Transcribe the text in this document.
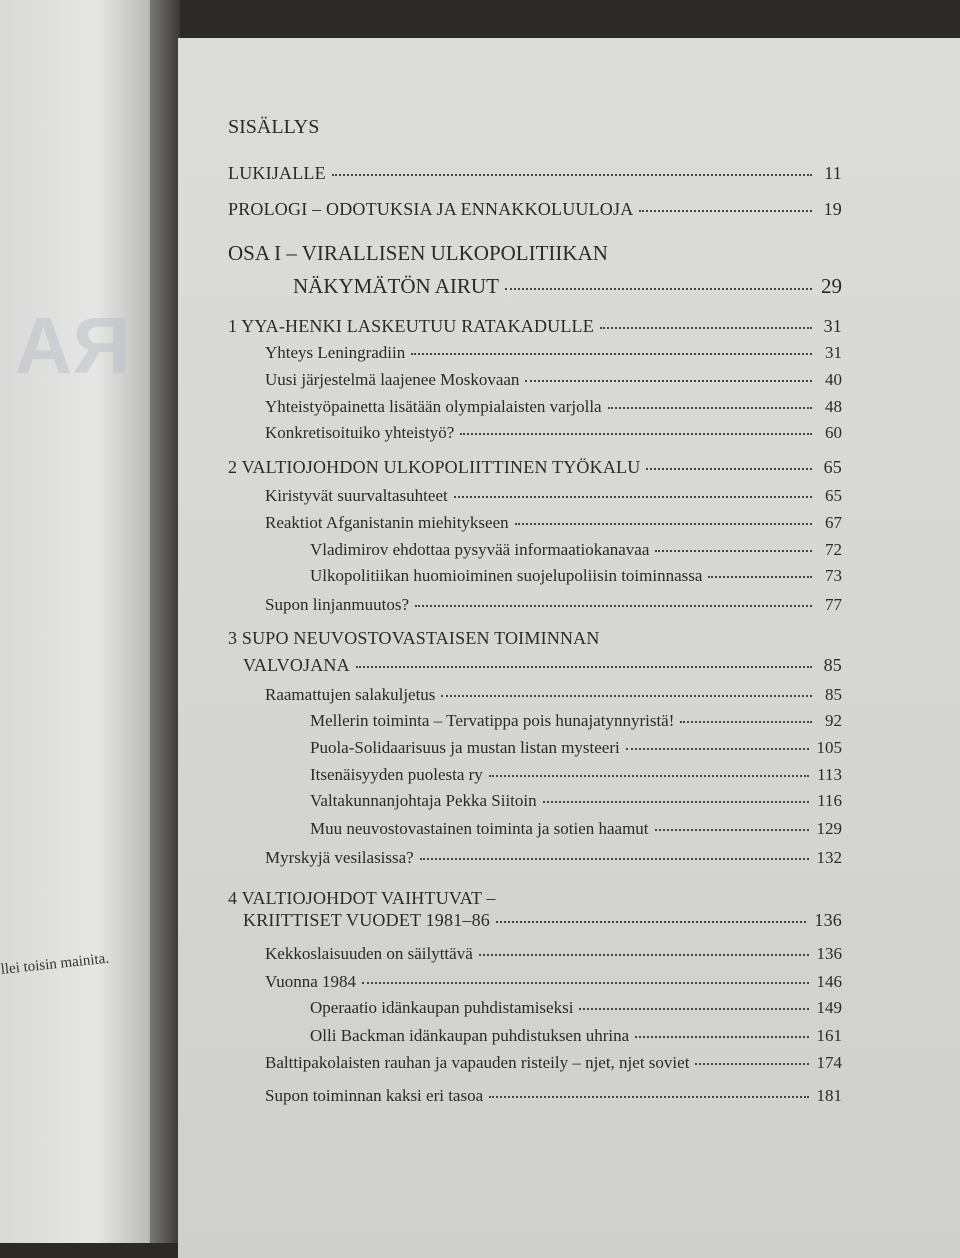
RA
llei toisin mainita.
SISÄLLYS
LUKIJALLE	11
PROLOGI – ODOTUKSIA JA ENNAKKOLUULOJA	19
OSA I – VIRALLISEN ULKOPOLITIIKAN
NÄKYMÄTÖN AIRUT	29
1 YYA-HENKI LASKEUTUU RATAKADULLE	31
Yhteys Leningradiin	31
Uusi järjestelmä laajenee Moskovaan	40
Yhteistyöpainetta lisätään olympialaisten varjolla	48
Konkretisoituiko yhteistyö?	60
2 VALTIOJOHDON ULKOPOLIITTINEN TYÖKALU	65
Kiristyvät suurvaltasuhteet	65
Reaktiot Afganistanin miehitykseen	67
Vladimirov ehdottaa pysyvää informaatiokanavaa	72
Ulkopolitiikan huomioiminen suojelupoliisin toiminnassa	73
Supon linjanmuutos?	77
3 SUPO NEUVOSTOVASTAISEN TOIMINNAN
VALVOJANA	85
Raamattujen salakuljetus	85
Mellerin toiminta – Tervatippa pois hunajatynnyristä!	92
Puola-Solidaarisuus ja mustan listan mysteeri	105
Itsenäisyyden puolesta ry	113
Valtakunnanjohtaja Pekka Siitoin	116
Muu neuvostovastainen toiminta ja sotien haamut	129
Myrskyjä vesilasissa?	132
4 VALTIOJOHDOT VAIHTUVAT –
KRIITTISET VUODET 1981–86	136
Kekkoslaisuuden on säilyttävä	136
Vuonna 1984	146
Operaatio idänkaupan puhdistamiseksi	149
Olli Backman idänkaupan puhdistuksen uhrina	161
Balttipakolaisten rauhan ja vapauden risteily – njet, njet soviet	174
Supon toiminnan kaksi eri tasoa	181
